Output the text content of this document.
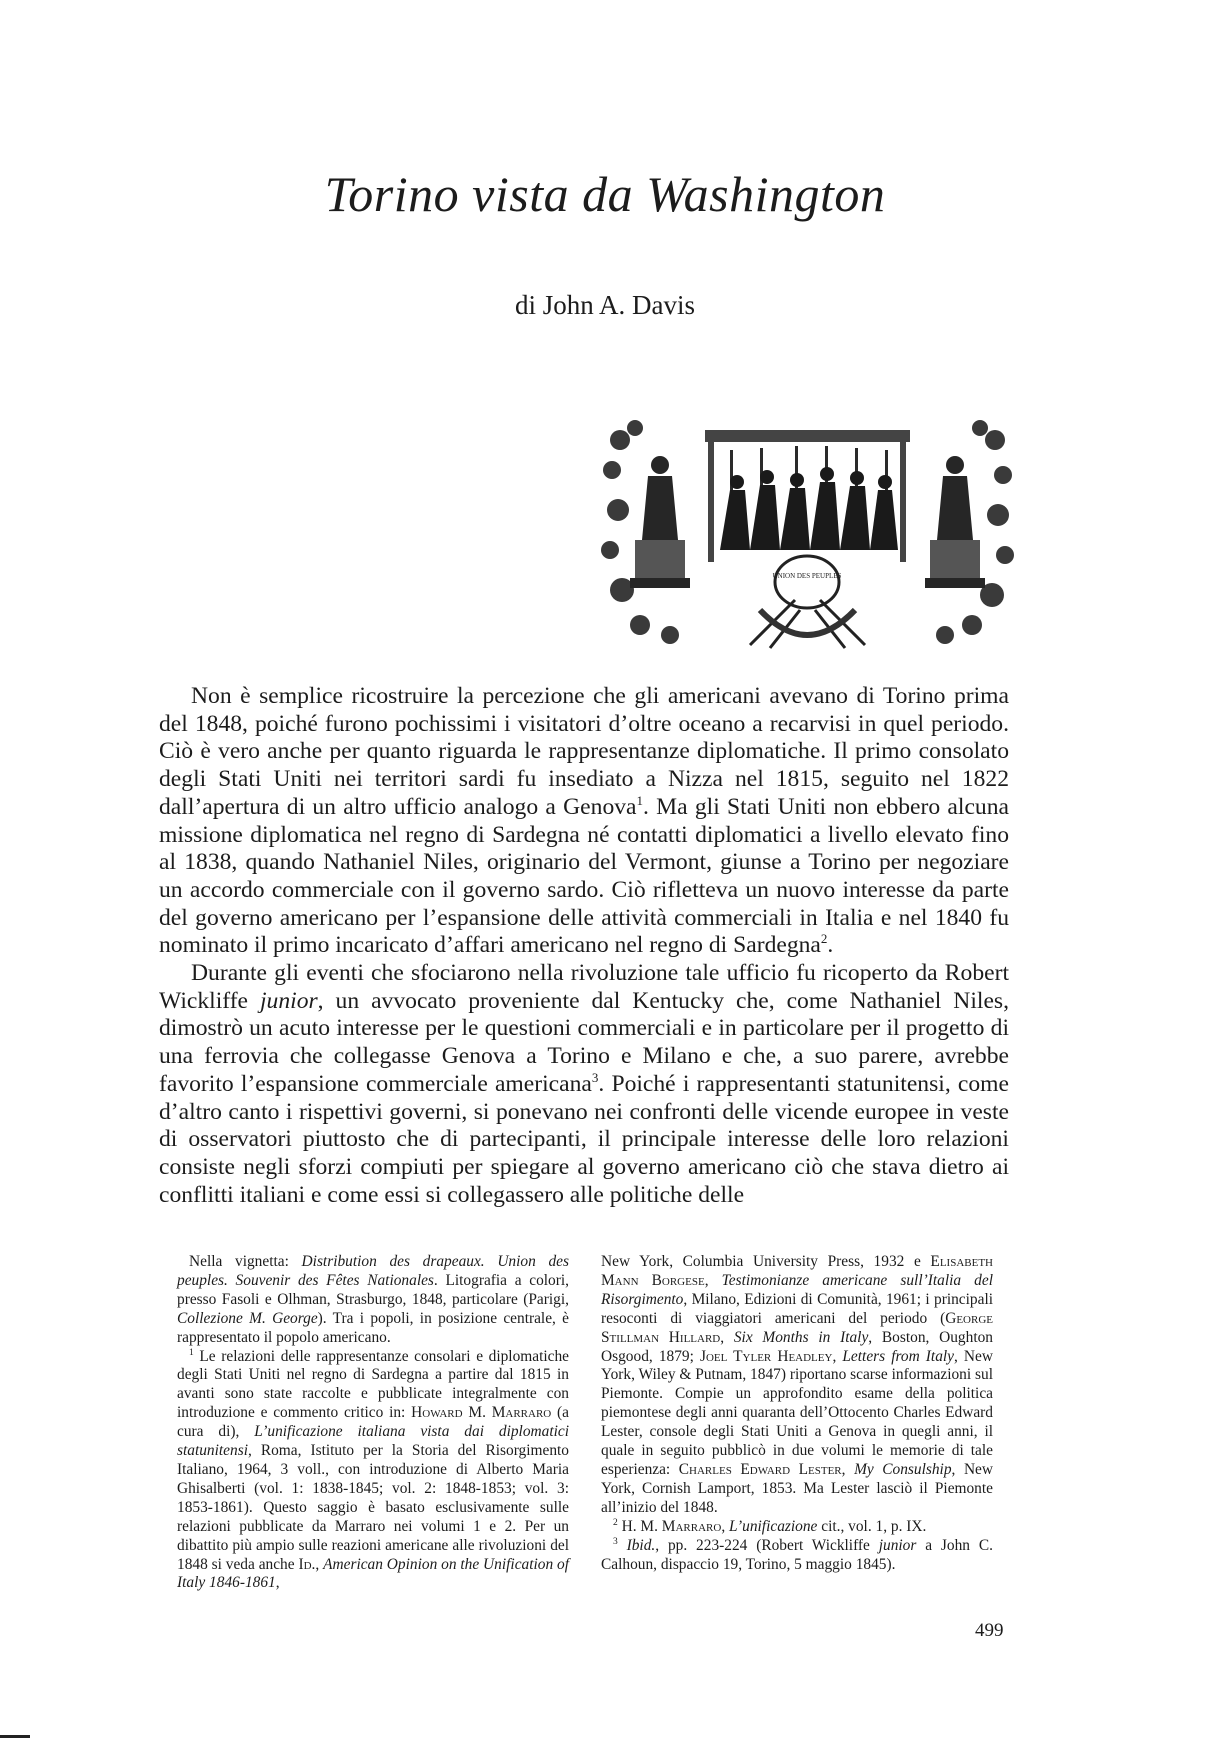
Torino vista da Washington
di John A. Davis
UNION DES PEUPLES

Non è semplice ricostruire la percezione che gli americani avevano di Torino prima del 1848, poiché furono pochissimi i visitatori d’oltre oceano a recarvisi in quel periodo. Ciò è vero anche per quanto riguarda le rappresentanze diplomatiche. Il primo consolato degli Stati Uniti nei territori sardi fu insediato a Nizza nel 1815, seguito nel 1822 dall’apertura di un altro ufficio analogo a Genova$^1$. Ma gli Stati Uniti non ebbero alcuna missione diplomatica nel regno di Sardegna né contatti diplomatici a livello elevato fino al 1838, quando Nathaniel Niles, originario del Vermont, giunse a Torino per negoziare un accordo commerciale con il governo sardo. Ciò rifletteva un nuovo interesse da parte del governo americano per l’espansione delle attività commerciali in Italia e nel 1840 fu nominato il primo incaricato d’affari americano nel regno di Sardegna$^2$.

Durante gli eventi che sfociarono nella rivoluzione tale ufficio fu ricoperto da Robert Wickliffe junior, un avvocato proveniente dal Kentucky che, come Nathaniel Niles, dimostrò un acuto interesse per le questioni commerciali e in particolare per il progetto di una ferrovia che collegasse Genova a Torino e Milano e che, a suo parere, avrebbe favorito l’espansione commerciale americana$^3$. Poiché i rappresentanti statunitensi, come d’altro canto i rispettivi governi, si ponevano nei confronti delle vicende europee in veste di osservatori piuttosto che di partecipanti, il principale interesse delle loro relazioni consiste negli sforzi compiuti per spiegare al governo americano ciò che stava dietro ai conflitti italiani e come essi si collegassero alle politiche delle

Nella vignetta: Distribution des drapeaux. Union des peuples. Souvenir des Fêtes Nationales. Litografia a colori, presso Fasoli e Olhman, Strasburgo, 1848, particolare (Parigi, Collezione M. George). Tra i popoli, in posizione centrale, è rappresentato il popolo americano.

$^1$ Le relazioni delle rappresentanze consolari e diplomatiche degli Stati Uniti nel regno di Sardegna a partire dal 1815 in avanti sono state raccolte e pubblicate integralmente con introduzione e commento critico in: Howard M. Marraro (a cura di), L’unificazione italiana vista dai diplomatici statunitensi, Roma, Istituto per la Storia del Risorgimento Italiano, 1964, 3 voll., con introduzione di Alberto Maria Ghisalberti (vol. 1: 1838-1845; vol. 2: 1848-1853; vol. 3: 1853-1861). Questo saggio è basato esclusivamente sulle relazioni pubblicate da Marraro nei volumi 1 e 2. Per un dibattito più ampio sulle reazioni americane alle rivoluzioni del 1848 si veda anche Id., American Opinion on the Unification of Italy 1846-1861,

New York, Columbia University Press, 1932 e Elisabeth Mann Borgese, Testimonianze americane sull’Italia del Risorgimento, Milano, Edizioni di Comunità, 1961; i principali resoconti di viaggiatori americani del periodo (George Stillman Hillard, Six Months in Italy, Boston, Oughton Osgood, 1879; Joel Tyler Headley, Letters from Italy, New York, Wiley & Putnam, 1847) riportano scarse informazioni sul Piemonte. Compie un approfondito esame della politica piemontese degli anni quaranta dell’Ottocento Charles Edward Lester, console degli Stati Uniti a Genova in quegli anni, il quale in seguito pubblicò in due volumi le memorie di tale esperienza: Charles Edward Lester, My Consulship, New York, Cornish Lamport, 1853. Ma Lester lasciò il Piemonte all’inizio del 1848.

$^2$ H. M. Marraro, L’unificazione cit., vol. 1, p. IX.

$^3$ Ibid., pp. 223-224 (Robert Wickliffe junior a John C. Calhoun, dispaccio 19, Torino, 5 maggio 1845).

499
